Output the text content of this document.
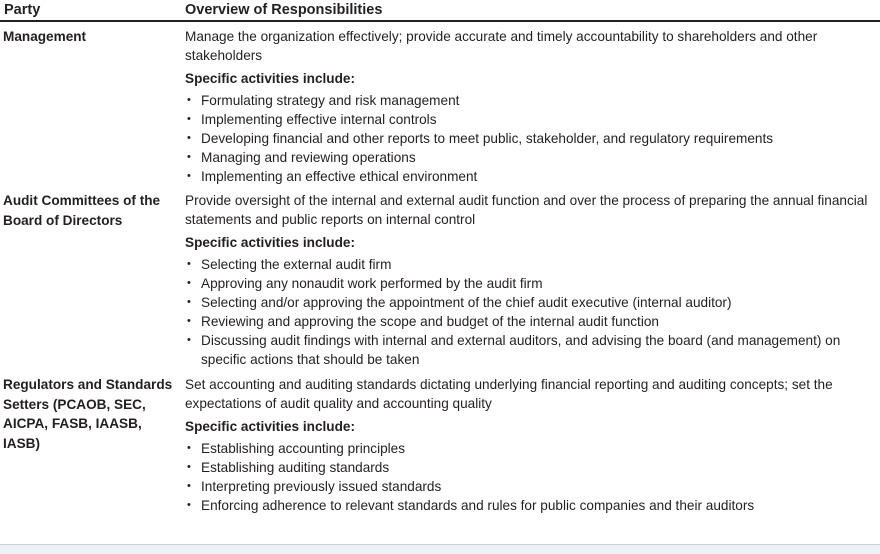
Party	Overview of Responsibilities
Management	Manage the organization effectively; provide accurate and timely accountability to shareholders and other stakeholders
Specific activities include:
• Formulating strategy and risk management
• Implementing effective internal controls
• Developing financial and other reports to meet public, stakeholder, and regulatory requirements
• Managing and reviewing operations
• Implementing an effective ethical environment
Audit Committees of the Board of Directors
Provide oversight of the internal and external audit function and over the process of preparing the annual financial statements and public reports on internal control
Specific activities include:
• Selecting the external audit firm
• Approving any nonaudit work performed by the audit firm
• Selecting and/or approving the appointment of the chief audit executive (internal auditor)
• Reviewing and approving the scope and budget of the internal audit function
• Discussing audit findings with internal and external auditors, and advising the board (and management) on specific actions that should be taken
Regulators and Standards Setters (PCAOB, SEC, AICPA, FASB, IAASB, IASB)
Set accounting and auditing standards dictating underlying financial reporting and auditing concepts; set the expectations of audit quality and accounting quality
Specific activities include:
• Establishing accounting principles
• Establishing auditing standards
• Interpreting previously issued standards
• Enforcing adherence to relevant standards and rules for public companies and their auditors
